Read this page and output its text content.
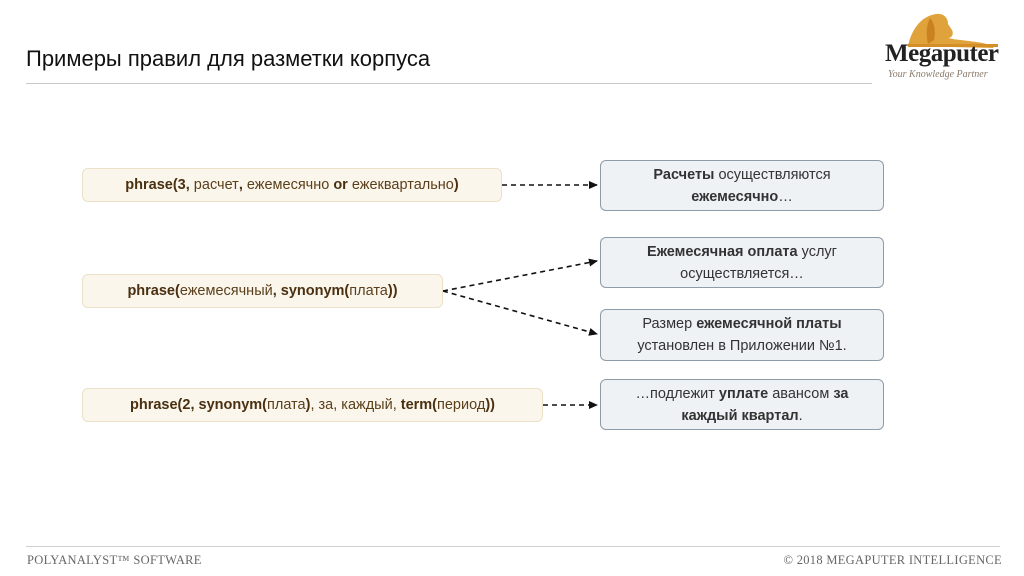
Примеры правил для разметки корпуса	Megaputer
Your Knowledge Partner
phrase(3, расчет, ежемесячно or ежеквартально)
phrase(ежемесячный, synonym(плата))
phrase(2, synonym(плата), за, каждый, term(период))
Расчеты осуществляются ежемесячно…
Ежемесячная оплата услуг осуществляется…
Размер ежемесячной платы установлен в Приложении №1.
…подлежит уплате авансом за каждый квартал.
POLYANALYST™ SOFTWARE	© 2018 MEGAPUTER INTELLIGENCE
